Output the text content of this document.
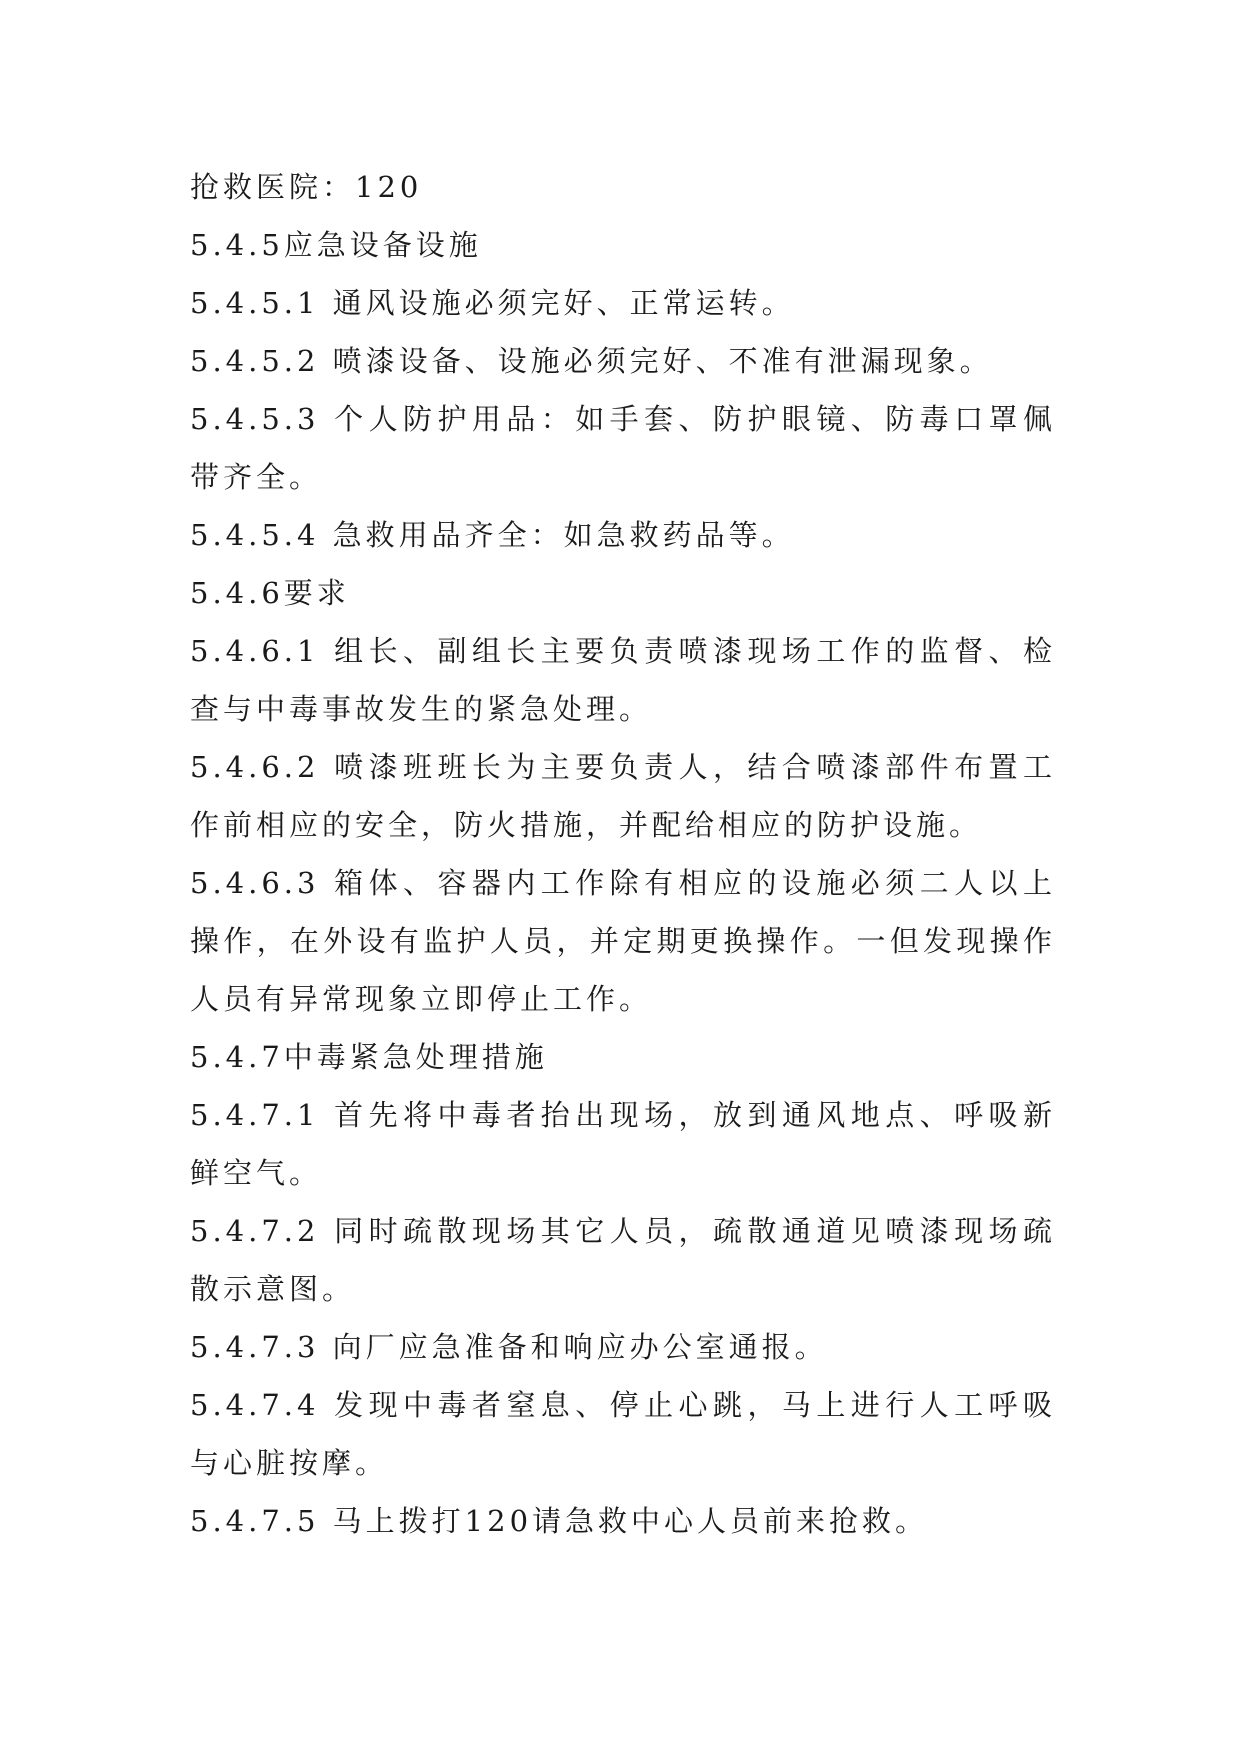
抢救医院：120

5.4.5应急设备设施

5.4.5.1 通风设施必须完好、正常运转。

5.4.5.2 喷漆设备、设施必须完好、不准有泄漏现象。

5.4.5.3 个人防护用品：如手套、防护眼镜、防毒口罩佩带齐全。

5.4.5.4 急救用品齐全：如急救药品等。

5.4.6要求

5.4.6.1 组长、副组长主要负责喷漆现场工作的监督、检查与中毒事故发生的紧急处理。

5.4.6.2 喷漆班班长为主要负责人，结合喷漆部件布置工作前相应的安全，防火措施，并配给相应的防护设施。

5.4.6.3 箱体、容器内工作除有相应的设施必须二人以上操作，在外设有监护人员，并定期更换操作。一但发现操作人员有异常现象立即停止工作。

5.4.7中毒紧急处理措施

5.4.7.1 首先将中毒者抬出现场，放到通风地点、呼吸新鲜空气。

5.4.7.2 同时疏散现场其它人员，疏散通道见喷漆现场疏散示意图。

5.4.7.3 向厂应急准备和响应办公室通报。

5.4.7.4 发现中毒者窒息、停止心跳，马上进行人工呼吸与心脏按摩。

5.4.7.5 马上拨打120请急救中心人员前来抢救。
